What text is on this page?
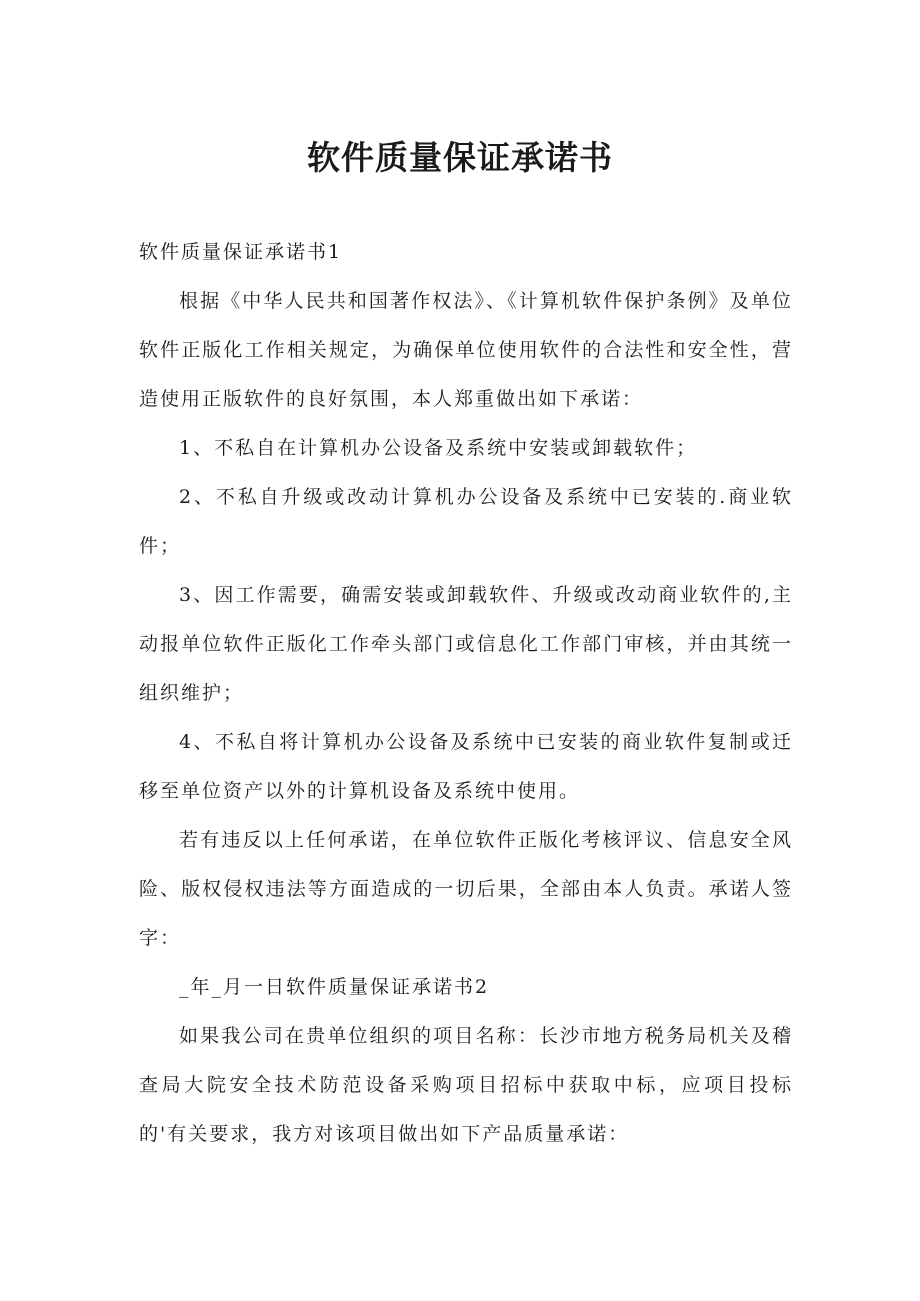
软件质量保证承诺书

软件质量保证承诺书1

根据《中华人民共和国著作权法》、《计算机软件保护条例》及单位软件正版化工作相关规定，为确保单位使用软件的合法性和安全性，营造使用正版软件的良好氛围，本人郑重做出如下承诺：

1、不私自在计算机办公设备及系统中安装或卸载软件；

2、不私自升级或改动计算机办公设备及系统中已安装的.商业软件；

3、因工作需要，确需安装或卸载软件、升级或改动商业软件的,主动报单位软件正版化工作牵头部门或信息化工作部门审核，并由其统一组织维护；

4、不私自将计算机办公设备及系统中已安装的商业软件复制或迁移至单位资产以外的计算机设备及系统中使用。

若有违反以上任何承诺，在单位软件正版化考核评议、信息安全风险、版权侵权违法等方面造成的一切后果，全部由本人负责。承诺人签字：

_年_月一日软件质量保证承诺书2

如果我公司在贵单位组织的项目名称：长沙市地方税务局机关及稽查局大院安全技术防范设备采购项目招标中获取中标，应项目投标的'有关要求，我方对该项目做出如下产品质量承诺：
